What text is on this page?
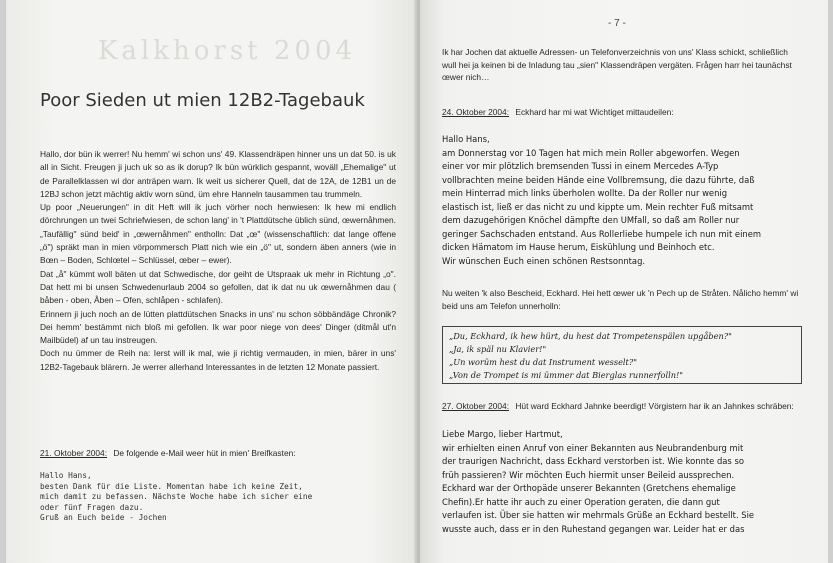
Kalkhorst 2004
Poor Sieden ut mien 12B2-Tagebauk

Hallo, dor bün ik werrer! Nu hemm' wi schon uns' 49. Klassendräpen hinner uns un dat 50. is uk all in Sicht. Freugen ji juch uk so as ik dorup? Ik bün würklich gespannt, wovälI „Ehemalige" ut de Parallelklassen wi dor anträpen warn. Ik weit us sicherer Quell, dat de 12A, de 12B1 un de 12BJ schon jetzt mächtig aktiv worn sünd, üm ehre Hanneln tausammen tau trummeln.

Up poor „Neuerungen" in dit Heft will ik juch vörher noch henwiesen: Ik hew mi endlich dörchrungen un twei Schriefwiesen, de schon lang' in 't Plattdütsche üblich sünd, œwernåhmen. „Taufällig" sünd beid' in „œwernåhmen" entholln: Dat „œ" (wissenschaftlich: dat lange offene „ö") spräkt man in mien vörpommersch Platt nich wie ein „ö" ut, sondern äben anners (wie in Bœn – Boden, Schlœtel – Schlüssel, œber – ewer).

Dat „å" kümmt woll bäten ut dat Schwedische, dor geiht de Utspraak uk mehr in Richtung „o". Dat hett mi bi unsen Schwedenurlaub 2004 so gefollen, dat ik dat nu uk œwernåhmen dau ( båben - oben, Åben – Ofen, schlåpen - schlafen).

Erinnern ji juch noch an de lütten plattdütschen Snacks in uns' nu schon söbbändäge Chronik? Dei hemm' bestämmt nich bloß mi gefollen. Ik war poor niege von dees' Dinger (ditmål ut'n Mailbüdel) af un tau instreugen.

Doch nu ümmer de Reih na: Ierst will ik mal, wie ji richtig vermauden, in mien, bärer in uns' 12B2-Tagebauk blärern. Je werrer allerhand Interessantes in de letzten 12 Monate passiert.

21. Oktober 2004: De folgende e-Mail weer hüt in mien' Breifkasten:

Hallo Hans,
besten Dank für die Liste. Momentan habe ich keine Zeit,
mich damit zu befassen. Nächste Woche habe ich sicher eine
oder fünf Fragen dazu.
Gruß an Euch beide - Jochen
- 7 -

Ik har Jochen dat aktuelle Adressen- un Telefonverzeichnis von uns' Klass schickt, schließlich wull hei ja keinen bi de Inladung tau „sien" Klassendräpen vergäten. Frågen harr hei taunächst œwer nich…

24. Oktober 2004: Eckhard har mi wat Wichtiget mittaudeilen:

Hallo Hans,
am Donnerstag vor 10 Tagen hat mich mein Roller abgeworfen. Wegen
einer vor mir plötzlich bremsenden Tussi in einem Mercedes A-Typ
vollbrachten meine beiden Hände eine Vollbremsung, die dazu führte, daß
mein Hinterrad mich links überholen wollte. Da der Roller nur wenig
elastisch ist, ließ er das nicht zu und kippte um. Mein rechter Fuß mitsamt
dem dazugehörigen Knöchel dämpfte den UMfall, so daß am Roller nur
geringer Sachschaden entstand. Aus Rollerliebe humpele ich nun mit einem
dicken Hämatom im Hause herum, Eiskühlung und Beinhoch etc.
Wir wünschen Euch einen schönen Restsonntag.

Nu weiten 'k also Bescheid, Eckhard. Hei hett œwer uk 'n Pech up de Stråten. Nålicho hemm' wi beid uns am Telefon unnerholln:

„Du, Eckhard, ik hew hürt, du hest dat Trompetenspälen upgåben?"
„Ja, ik späl nu Klavier!"
„Un worüm hest du dat Instrument wesselt?"
„Von de Trompet is mi ümmer dat Bierglas runnerfolln!"

27. Oktober 2004: Hüt ward Eckhard Jahnke beerdigt! Vörgistern har ik an Jahnkes schräben:

Liebe Margo, lieber Hartmut,
wir erhielten einen Anruf von einer Bekannten aus Neubrandenburg mit
der traurigen Nachricht, dass Eckhard verstorben ist. Wie konnte das so
früh passieren? Wir möchten Euch hiermit unser Beileid aussprechen.
Eckhard war der Orthopäde unserer Bekannten (Gretchens ehemalige
Chefin).Er hatte ihr auch zu einer Operation geraten, die dann gut
verlaufen ist. Über sie hatten wir mehrmals Grüße an Eckhard bestellt. Sie
wusste auch, dass er in den Ruhestand gegangen war. Leider hat er das
